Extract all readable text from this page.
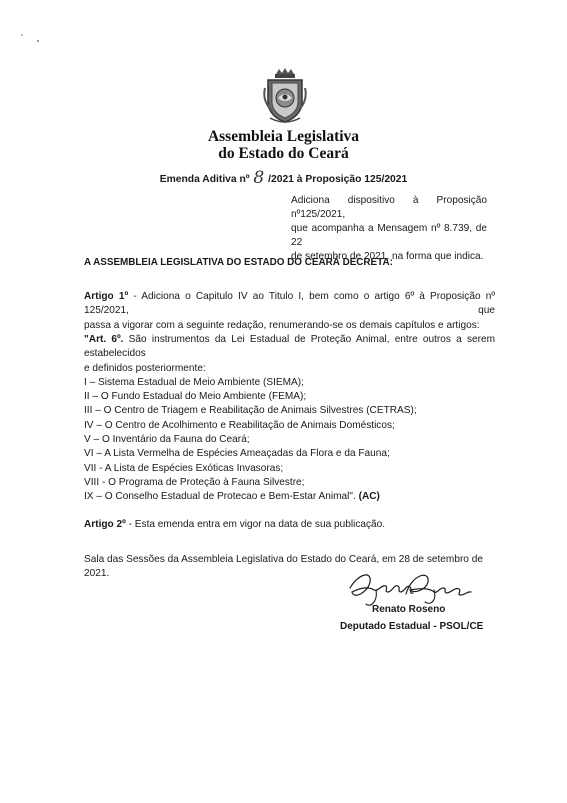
Assembleia Legislativa
do Estado do Ceará
Emenda Aditiva nº 8 /2021 à Proposição 125/2021
Adiciona dispositivo à Proposição nº125/2021,
que acompanha a Mensagem nº 8.739, de 22
de setembro de 2021, na forma que indica.
A ASSEMBLEIA LEGISLATIVA DO ESTADO DO CEARÁ DECRETA:
Artigo 1º - Adiciona o Capitulo IV ao Titulo I, bem como o artigo 6º à Proposição nº 125/2021, que
passa a vigorar com a seguinte redação, renumerando-se os demais capítulos e artigos:
"Art. 6º. São instrumentos da Lei Estadual de Proteção Animal, entre outros a serem estabelecidos
e definidos posteriormente:
I – Sistema Estadual de Meio Ambiente (SIEMA);
II – O Fundo Estadual do Meio Ambiente (FEMA);
III – O Centro de Triagem e Reabilitação de Animais Silvestres (CETRAS);
IV – O Centro de Acolhimento e Reabilitação de Animais Domésticos;
V – O Inventário da Fauna do Ceará;
VI – A Lista Vermelha de Espécies Ameaçadas da Flora e da Fauna;
VII - A Lista de Espécies Exóticas Invasoras;
VIII - O Programa de Proteção à Fauna Silvestre;
IX – O Conselho Estadual de Protecao e Bem-Estar Animal". (AC)
Artigo 2º - Esta emenda entra em vigor na data de sua publicação.
Sala das Sessões da Assembleia Legislativa do Estado do Ceará, em 28 de setembro de 2021.
Renato Roseno
Deputado Estadual - PSOL/CE
